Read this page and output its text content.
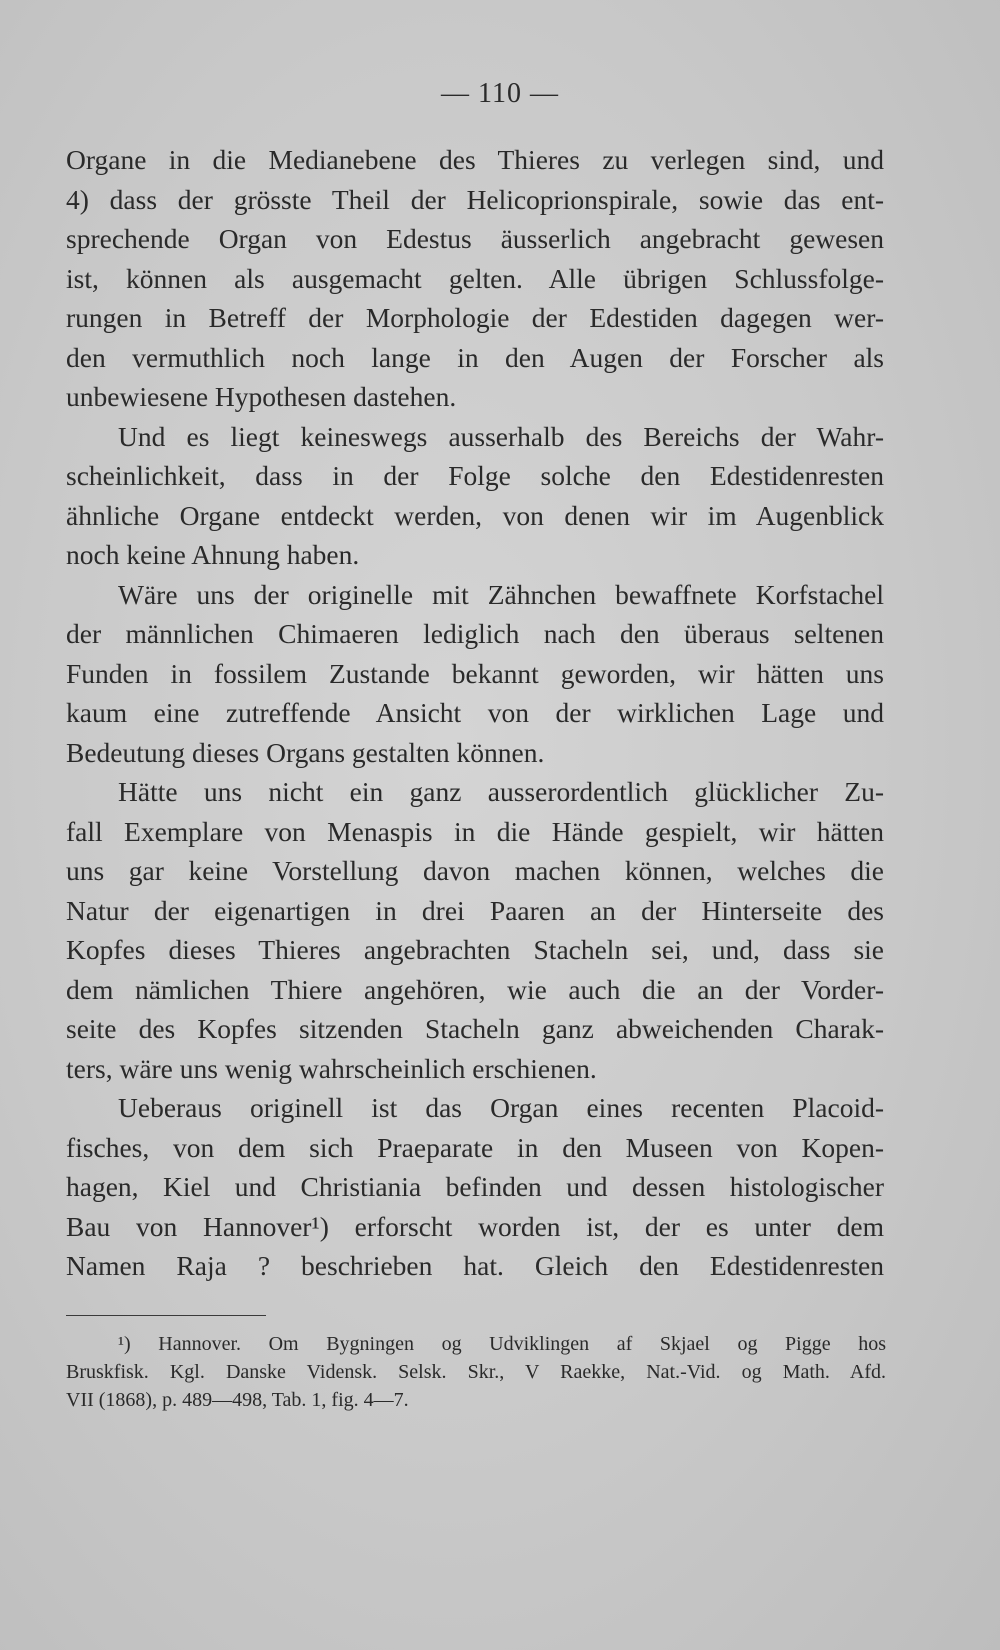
— 110 —
Organe in die Medianebene des Thieres zu verlegen sind, und
4) dass der grösste Theil der Helicoprionspirale, sowie das ent-
sprechende Organ von Edestus äusserlich angebracht gewesen
ist, können als ausgemacht gelten. Alle übrigen Schlussfolge-
rungen in Betreff der Morphologie der Edestiden dagegen wer-
den vermuthlich noch lange in den Augen der Forscher als
unbewiesene Hypothesen dastehen.
Und es liegt keineswegs ausserhalb des Bereichs der Wahr-
scheinlichkeit, dass in der Folge solche den Edestidenresten
ähnliche Organe entdeckt werden, von denen wir im Augenblick
noch keine Ahnung haben.
Wäre uns der originelle mit Zähnchen bewaffnete Korfstachel
der männlichen Chimaeren lediglich nach den überaus seltenen
Funden in fossilem Zustande bekannt geworden, wir hätten uns
kaum eine zutreffende Ansicht von der wirklichen Lage und
Bedeutung dieses Organs gestalten können.
Hätte uns nicht ein ganz ausserordentlich glücklicher Zu-
fall Exemplare von Menaspis in die Hände gespielt, wir hätten
uns gar keine Vorstellung davon machen können, welches die
Natur der eigenartigen in drei Paaren an der Hinterseite des
Kopfes dieses Thieres angebrachten Stacheln sei, und, dass sie
dem nämlichen Thiere angehören, wie auch die an der Vorder-
seite des Kopfes sitzenden Stacheln ganz abweichenden Charak-
ters, wäre uns wenig wahrscheinlich erschienen.
Ueberaus originell ist das Organ eines recenten Placoid-
fisches, von dem sich Praeparate in den Museen von Kopen-
hagen, Kiel und Christiania befinden und dessen histologischer
Bau von Hannover¹) erforscht worden ist, der es unter dem
Namen Raja ? beschrieben hat. Gleich den Edestidenresten
¹) Hannover. Om Bygningen og Udviklingen af Skjael og Pigge hos
Bruskfisk. Kgl. Danske Vidensk. Selsk. Skr., V Raekke, Nat.-Vid. og Math. Afd.
VII (1868), p. 489—498, Tab. 1, fig. 4—7.
